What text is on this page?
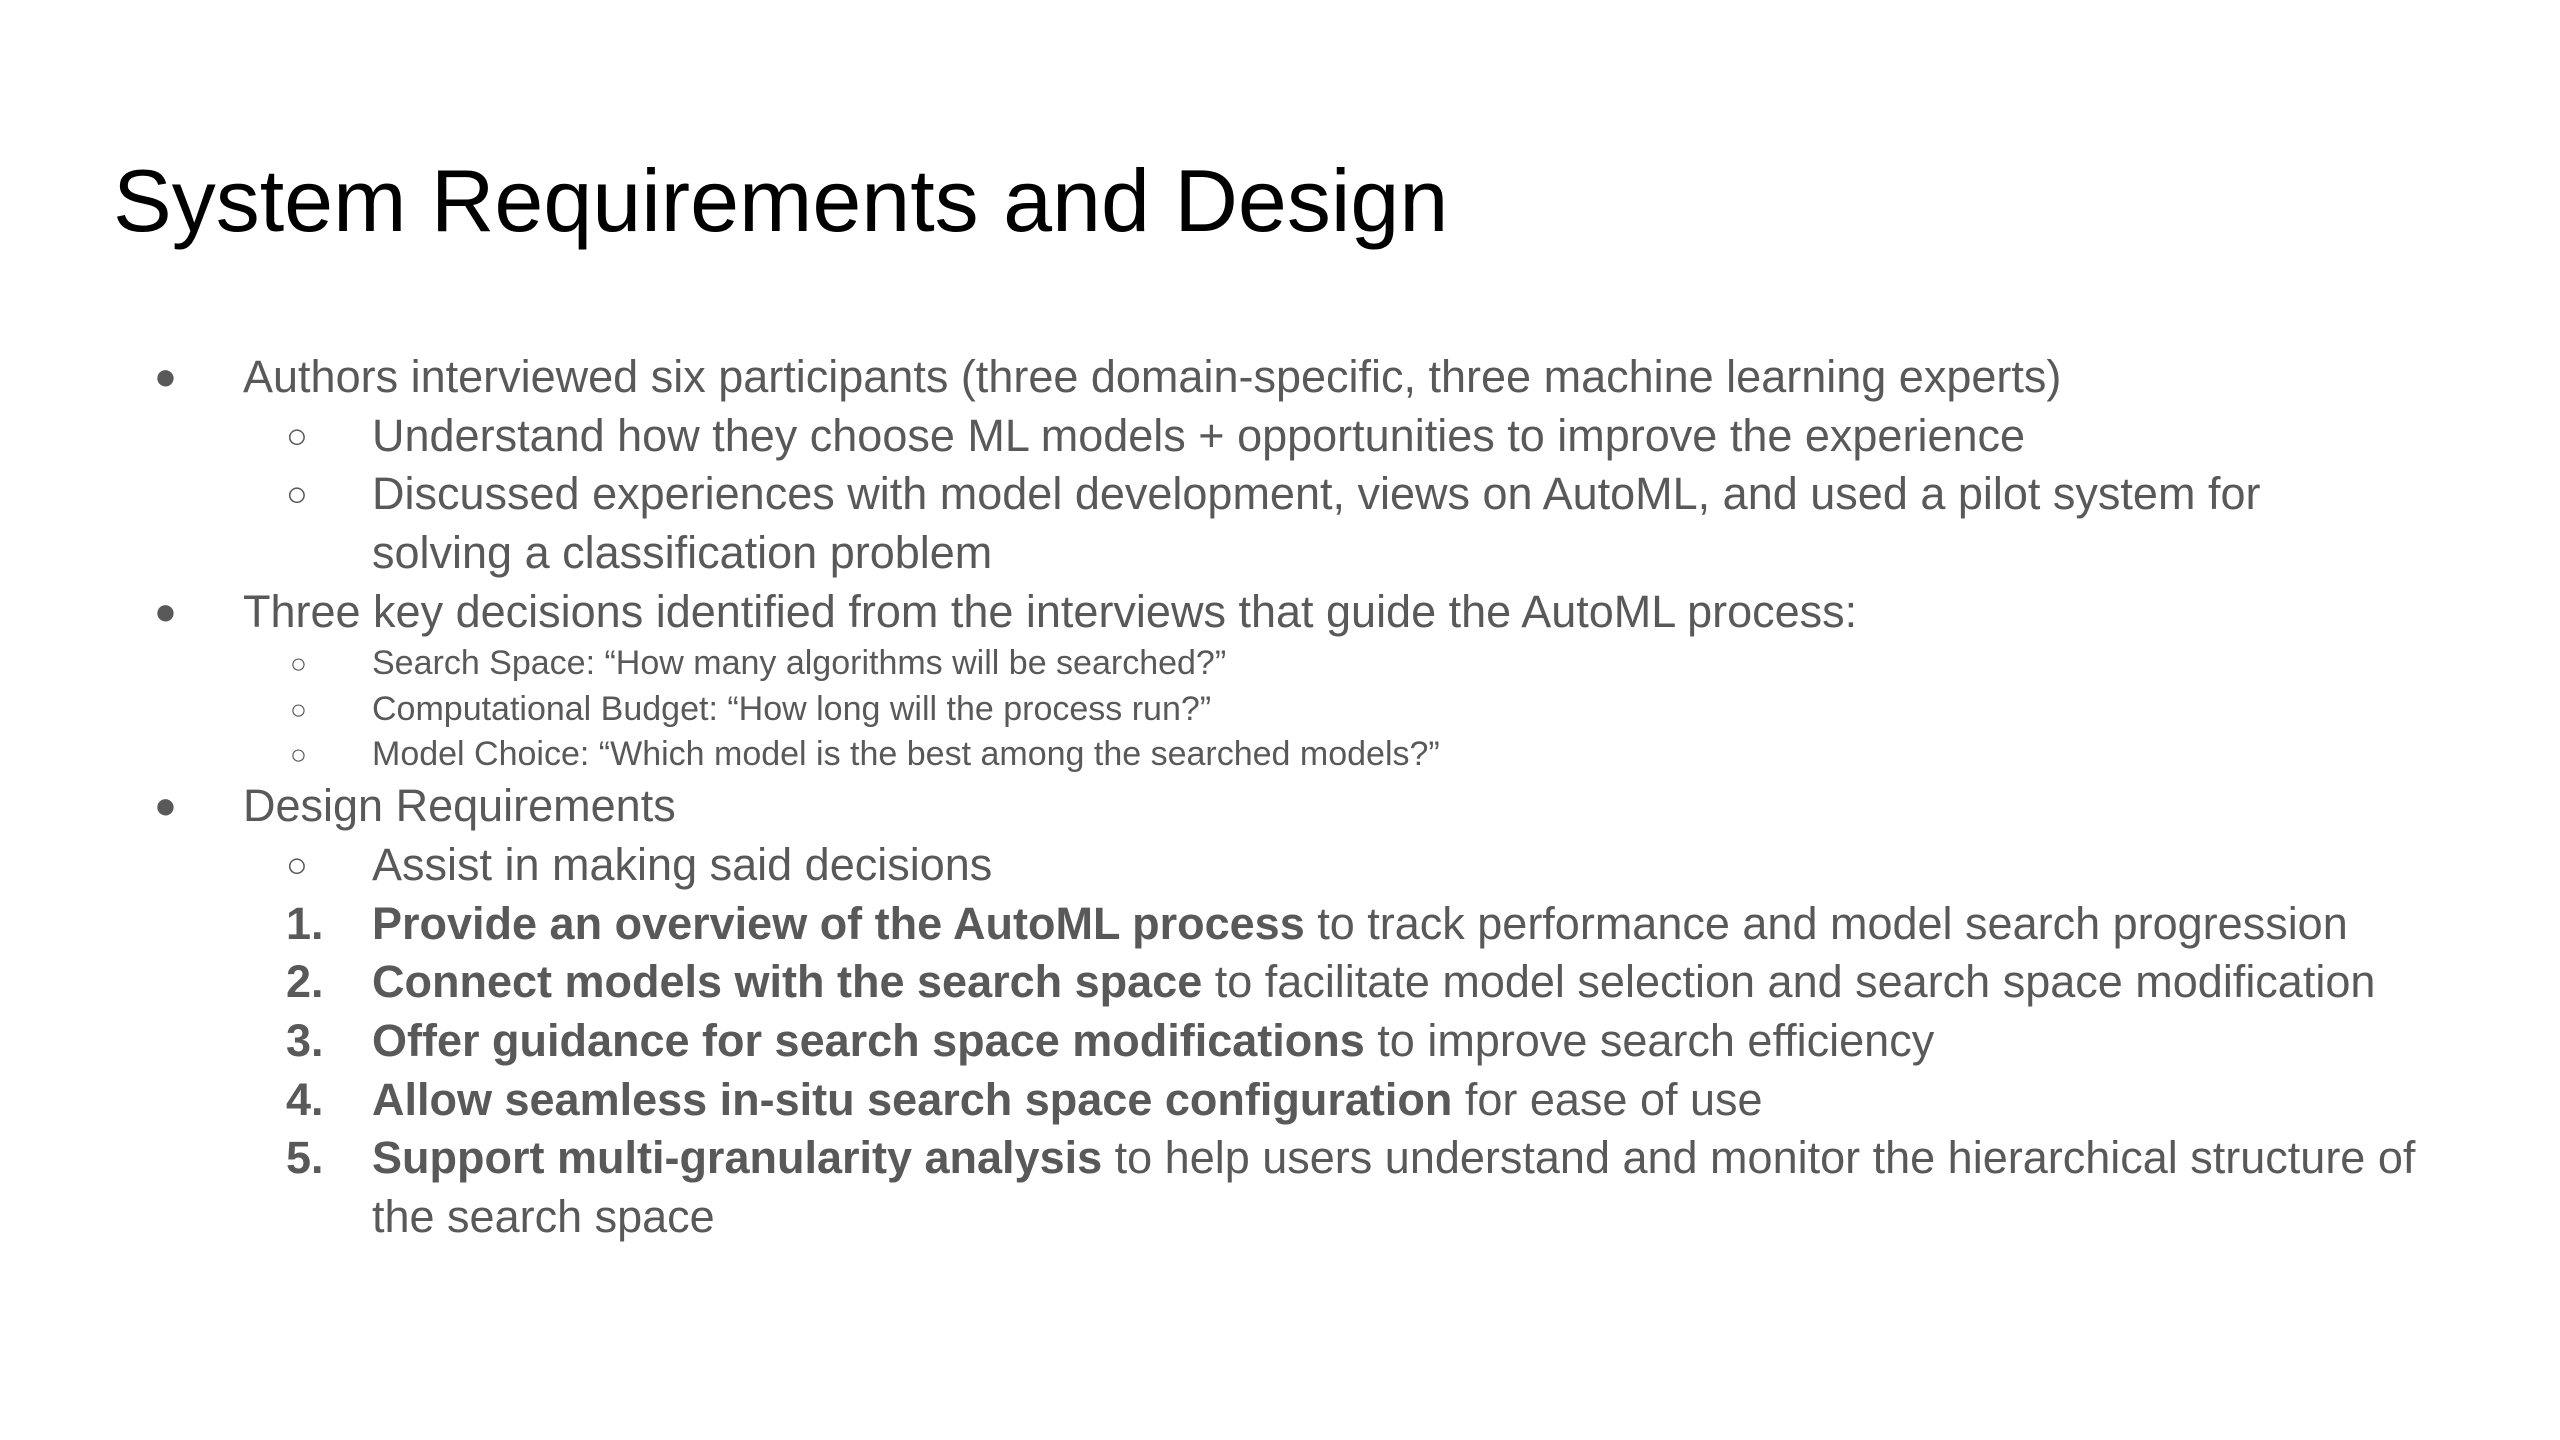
System Requirements and Design
● Authors interviewed six participants (three domain-specific, three machine learning experts)
○ Understand how they choose ML models + opportunities to improve the experience
○ Discussed experiences with model development, views on AutoML, and used a pilot system for solving a classification problem
● Three key decisions identified from the interviews that guide the AutoML process:
○ Search Space: “How many algorithms will be searched?”
○ Computational Budget: “How long will the process run?”
○ Model Choice: “Which model is the best among the searched models?”
● Design Requirements
○ Assist in making said decisions
1. Provide an overview of the AutoML process to track performance and model search progression
2. Connect models with the search space to facilitate model selection and search space modification
3. Offer guidance for search space modifications to improve search efficiency
4. Allow seamless in-situ search space configuration for ease of use
5. Support multi-granularity analysis to help users understand and monitor the hierarchical structure of the search space
